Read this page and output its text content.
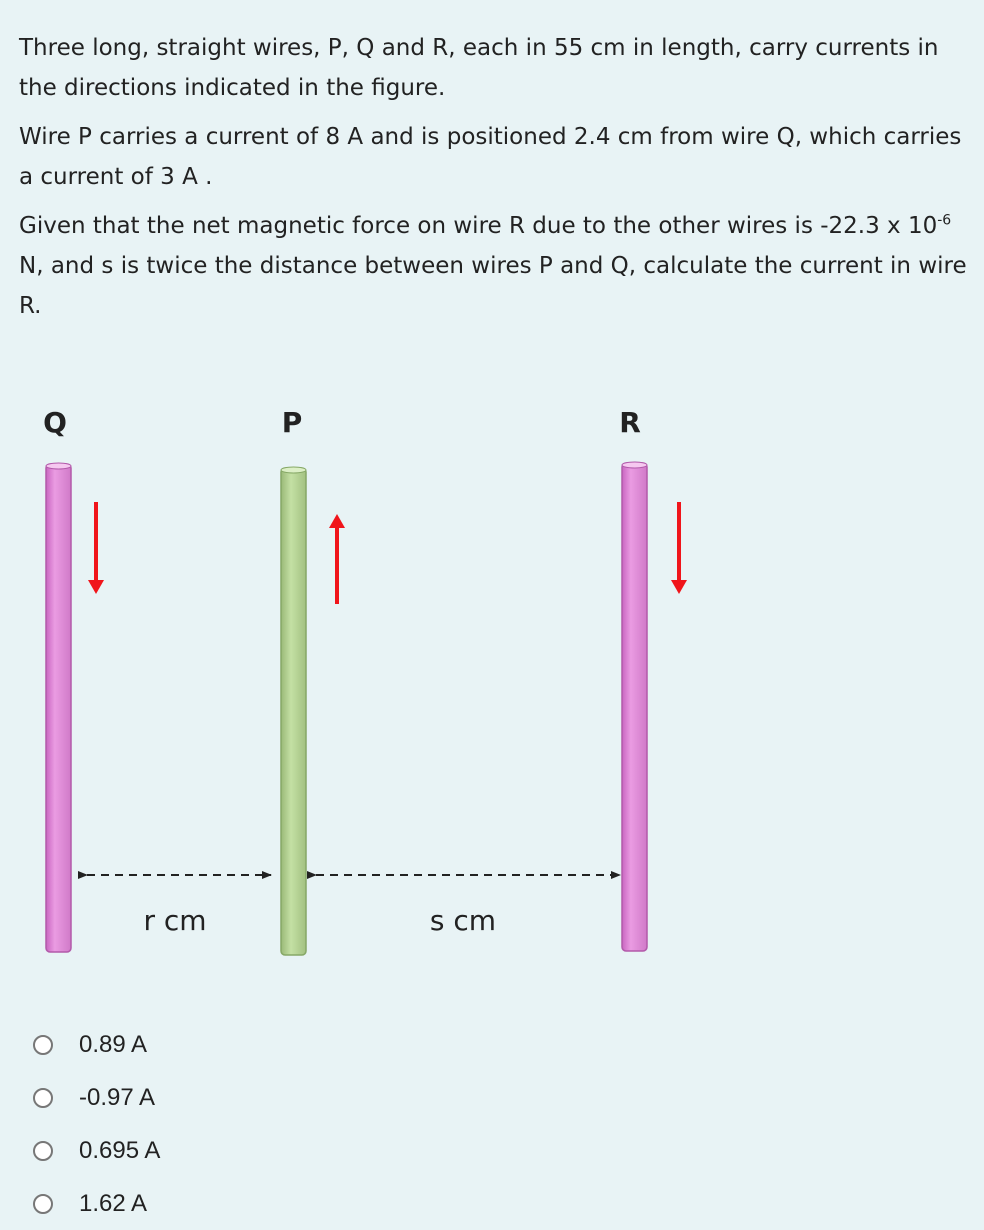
Three long, straight wires, P, Q and R, each in 55 cm in length, carry currents in the directions indicated in the figure.

Wire P carries a current of 8 A and is positioned 2.4 cm from wire Q, which carries a current of 3 A .

Given that the net magnetic force on wire R due to the other wires is -22.3 x $10^{-6}$ N, and s is twice the distance between wires P and Q, calculate the current in wire R.

Q	P	R
r cm	s cm
0.89 A
-0.97 A
0.695 A
1.62 A
